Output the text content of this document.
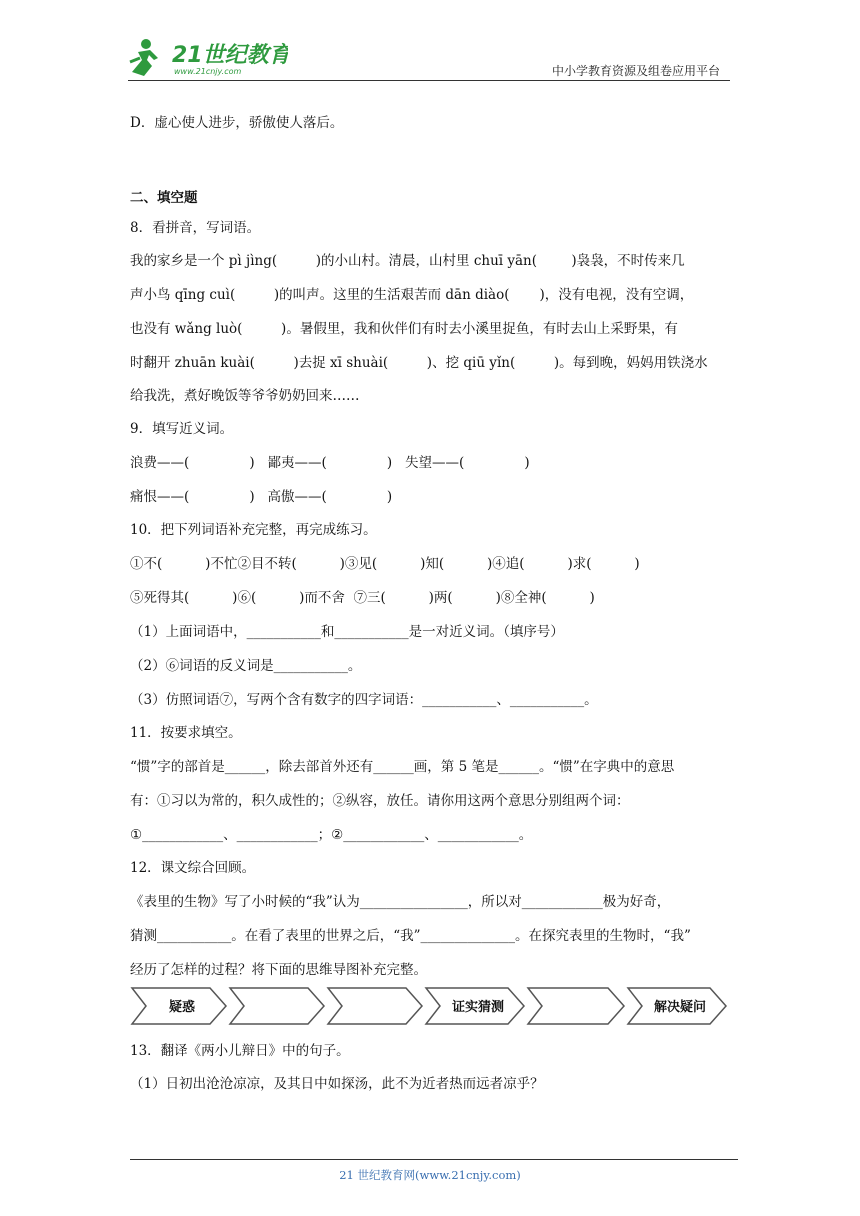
21世纪教育
www.21cnjy.com	中小学教育资源及组卷应用平台
D．虚心使人进步，骄傲使人落后。
二、填空题
8．看拼音，写词语。
我的家乡是一个 pì jìng(         )的小山村。清晨，山村里 chuī yān(        )袅袅，不时传来几
声小鸟 qīng cuì(         )的叫声。这里的生活艰苦而 dān diào(       )，没有电视，没有空调，
也没有 wǎng luò(         )。暑假里，我和伙伴们有时去小溪里捉鱼，有时去山上采野果，有
时翻开 zhuān kuài(         )去捉 xī shuài(         )、挖 qiū yǐn(         )。每到晚，妈妈用铁浇水
给我洗，煮好晚饭等爷爷奶奶回来……
9．填写近义词。
浪费——(              )   鄙夷——(              )   失望——(              )
痛恨——(              )   高傲——(              )
10．把下列词语补充完整，再完成练习。
①不(          )不忙②目不转(          )③见(          )知(          )④追(          )求(          )
⑤死得其(          )⑥(          )而不舍  ⑦三(          )两(          )⑧全神(          )
（1）上面词语中，___________和___________是一对近义词。（填序号）
（2）⑥词语的反义词是___________。
（3）仿照词语⑦，写两个含有数字的四字词语：___________、___________。
11．按要求填空。
“惯”字的部首是______，除去部首外还有______画，第 5 笔是______。“惯”在字典中的意思
有：①习以为常的，积久成性的；②纵容，放任。请你用这两个意思分别组两个词：
①____________、____________；②____________、____________。
12．课文综合回顾。
《表里的生物》写了小时候的“我”认为________________，所以对____________极为好奇，
猜测___________。在看了表里的世界之后，“我”______________。在探究表里的生物时，“我”
经历了怎样的过程？将下面的思维导图补充完整。
疑惑	证实猜测	解决疑问
13．翻译《两小儿辩日》中的句子。
（1）日初出沧沧凉凉，及其日中如探汤，此不为近者热而远者凉乎？
21 世纪教育网(www.21cnjy.com)
